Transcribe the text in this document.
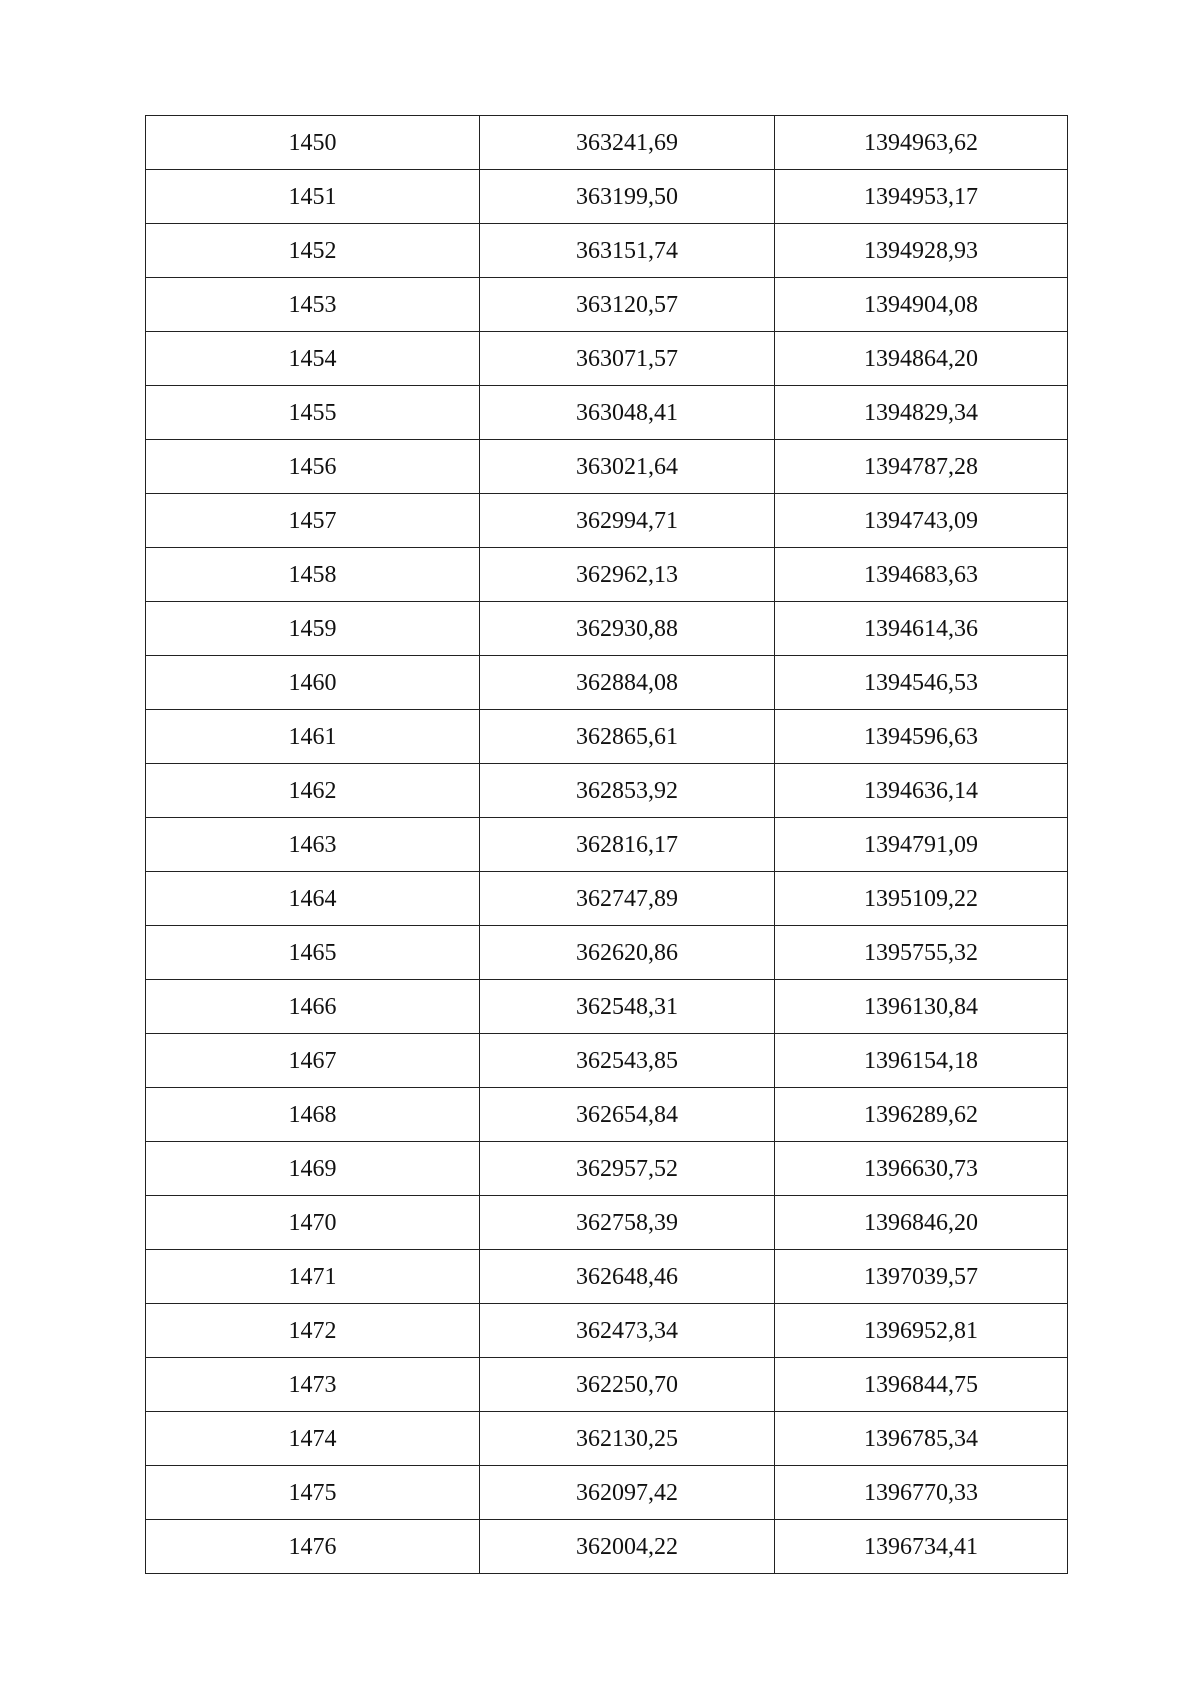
1450	363241,69	1394963,62
1451	363199,50	1394953,17
1452	363151,74	1394928,93
1453	363120,57	1394904,08
1454	363071,57	1394864,20
1455	363048,41	1394829,34
1456	363021,64	1394787,28
1457	362994,71	1394743,09
1458	362962,13	1394683,63
1459	362930,88	1394614,36
1460	362884,08	1394546,53
1461	362865,61	1394596,63
1462	362853,92	1394636,14
1463	362816,17	1394791,09
1464	362747,89	1395109,22
1465	362620,86	1395755,32
1466	362548,31	1396130,84
1467	362543,85	1396154,18
1468	362654,84	1396289,62
1469	362957,52	1396630,73
1470	362758,39	1396846,20
1471	362648,46	1397039,57
1472	362473,34	1396952,81
1473	362250,70	1396844,75
1474	362130,25	1396785,34
1475	362097,42	1396770,33
1476	362004,22	1396734,41
